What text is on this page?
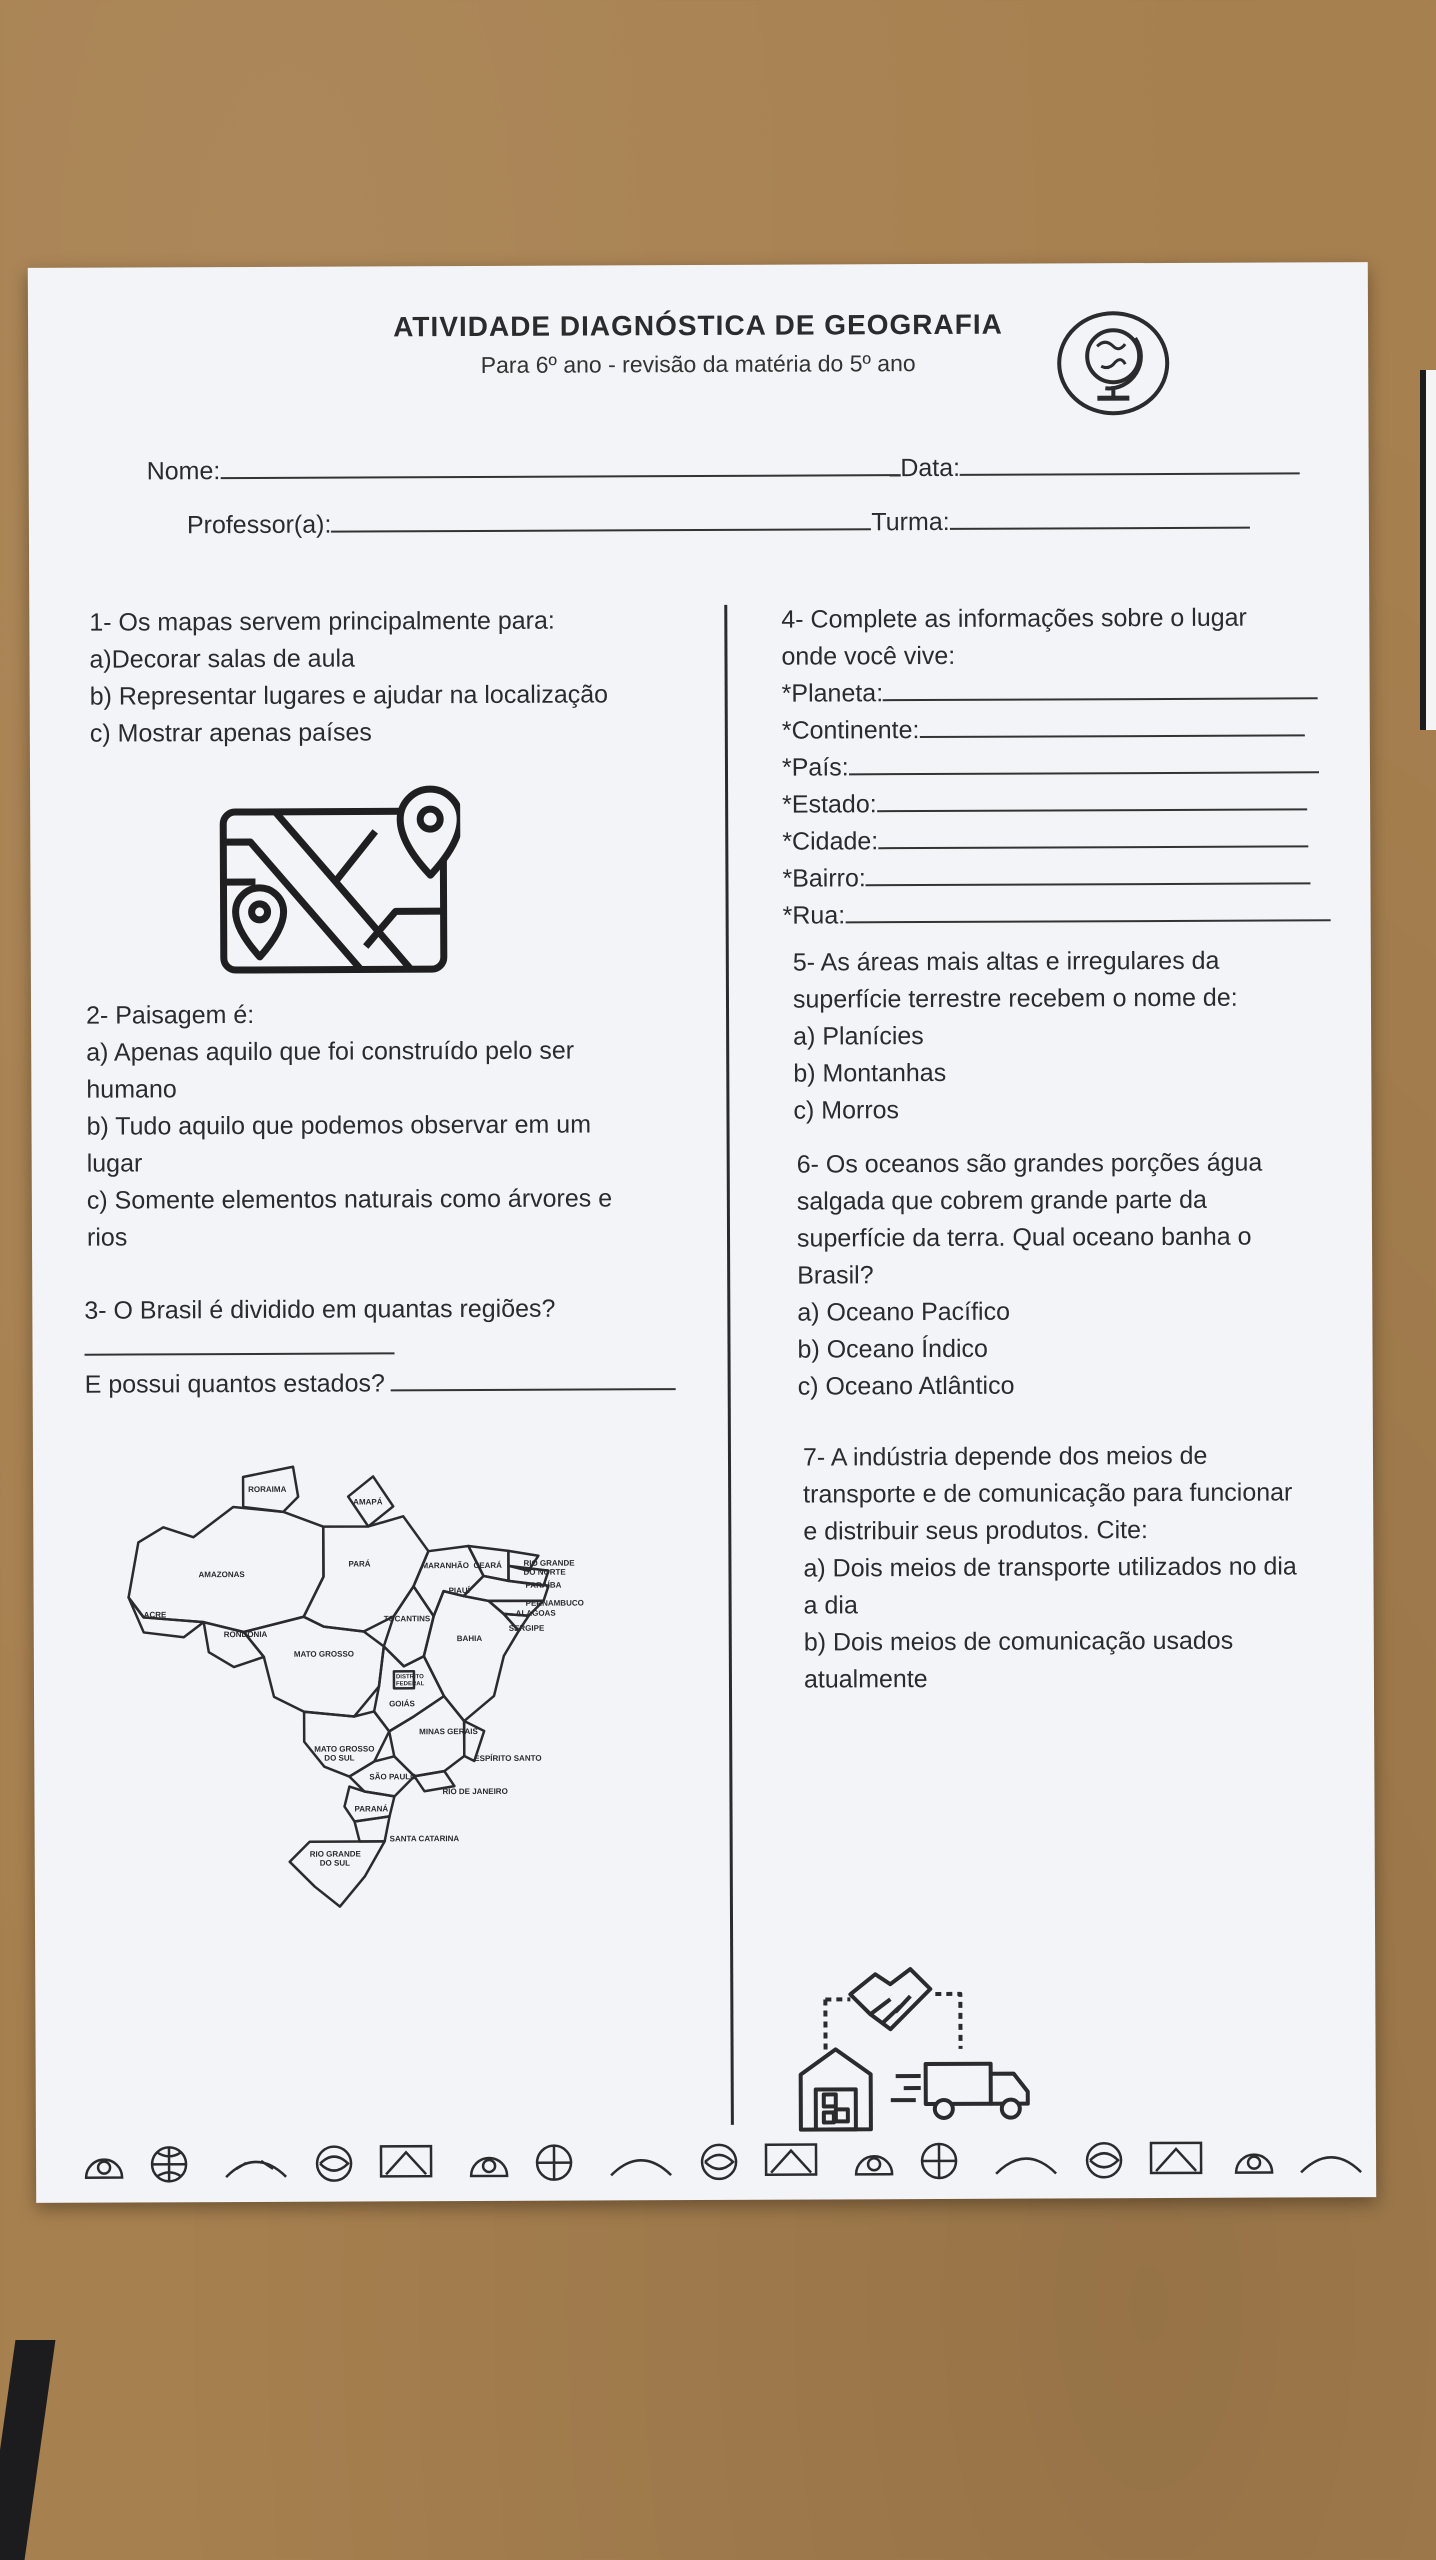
ATIVIDADE DIAGNÓSTICA DE GEOGRAFIA
Para 6º ano - revisão da matéria do 5º ano
Nome:	Data:
Professor(a):	Turma:

1- Os mapas servem principalmente para:

a)Decorar salas de aula

b) Representar lugares e ajudar na localização

c) Mostrar apenas países

2- Paisagem é:

a) Apenas aquilo que foi construído pelo ser

humano

b) Tudo aquilo que podemos observar em um

lugar

c) Somente elementos naturais como árvores e

rios

3- O Brasil é dividido em quantas regiões?

E possui quantos estados?

RORAIMA
AMAPÁ
AMAZONAS
PARÁ	MARANHÃO CEARÁ	RIO GRANDE
DO NORTE
PARAÍBA
PIAUÍ
PERNAMBUCO
ALAGOAS
ACRE	TOCANTINS
SERGIPE
RONDÔNIA	BAHIA
MATO GROSSO
DISTRITO
FEDERAL
GOIÁS
MINAS GERAIS
MATO GROSSO
DO SUL	ESPÍRITO SANTO
SÃO PAULO
RIO DE JANEIRO
PARANÁ
SANTA CATARINA
RIO GRANDE
DO SUL

4- Complete as informações sobre o lugar

onde você vive:

*Planeta:

*Continente:

*País:

*Estado:

*Cidade:

*Bairro:

*Rua:

5- As áreas mais altas e irregulares da

superfície terrestre recebem o nome de:

a) Planícies

b) Montanhas

c) Morros

6- Os oceanos são grandes porções água

salgada que cobrem grande parte da

superfície da terra. Qual oceano banha o

Brasil?

a) Oceano Pacífico

b) Oceano Índico

c) Oceano Atlântico

7- A indústria depende dos meios de

transporte e de comunicação para funcionar

e distribuir seus produtos. Cite:

a) Dois meios de transporte utilizados no dia

a dia

b) Dois meios de comunicação usados

atualmente
